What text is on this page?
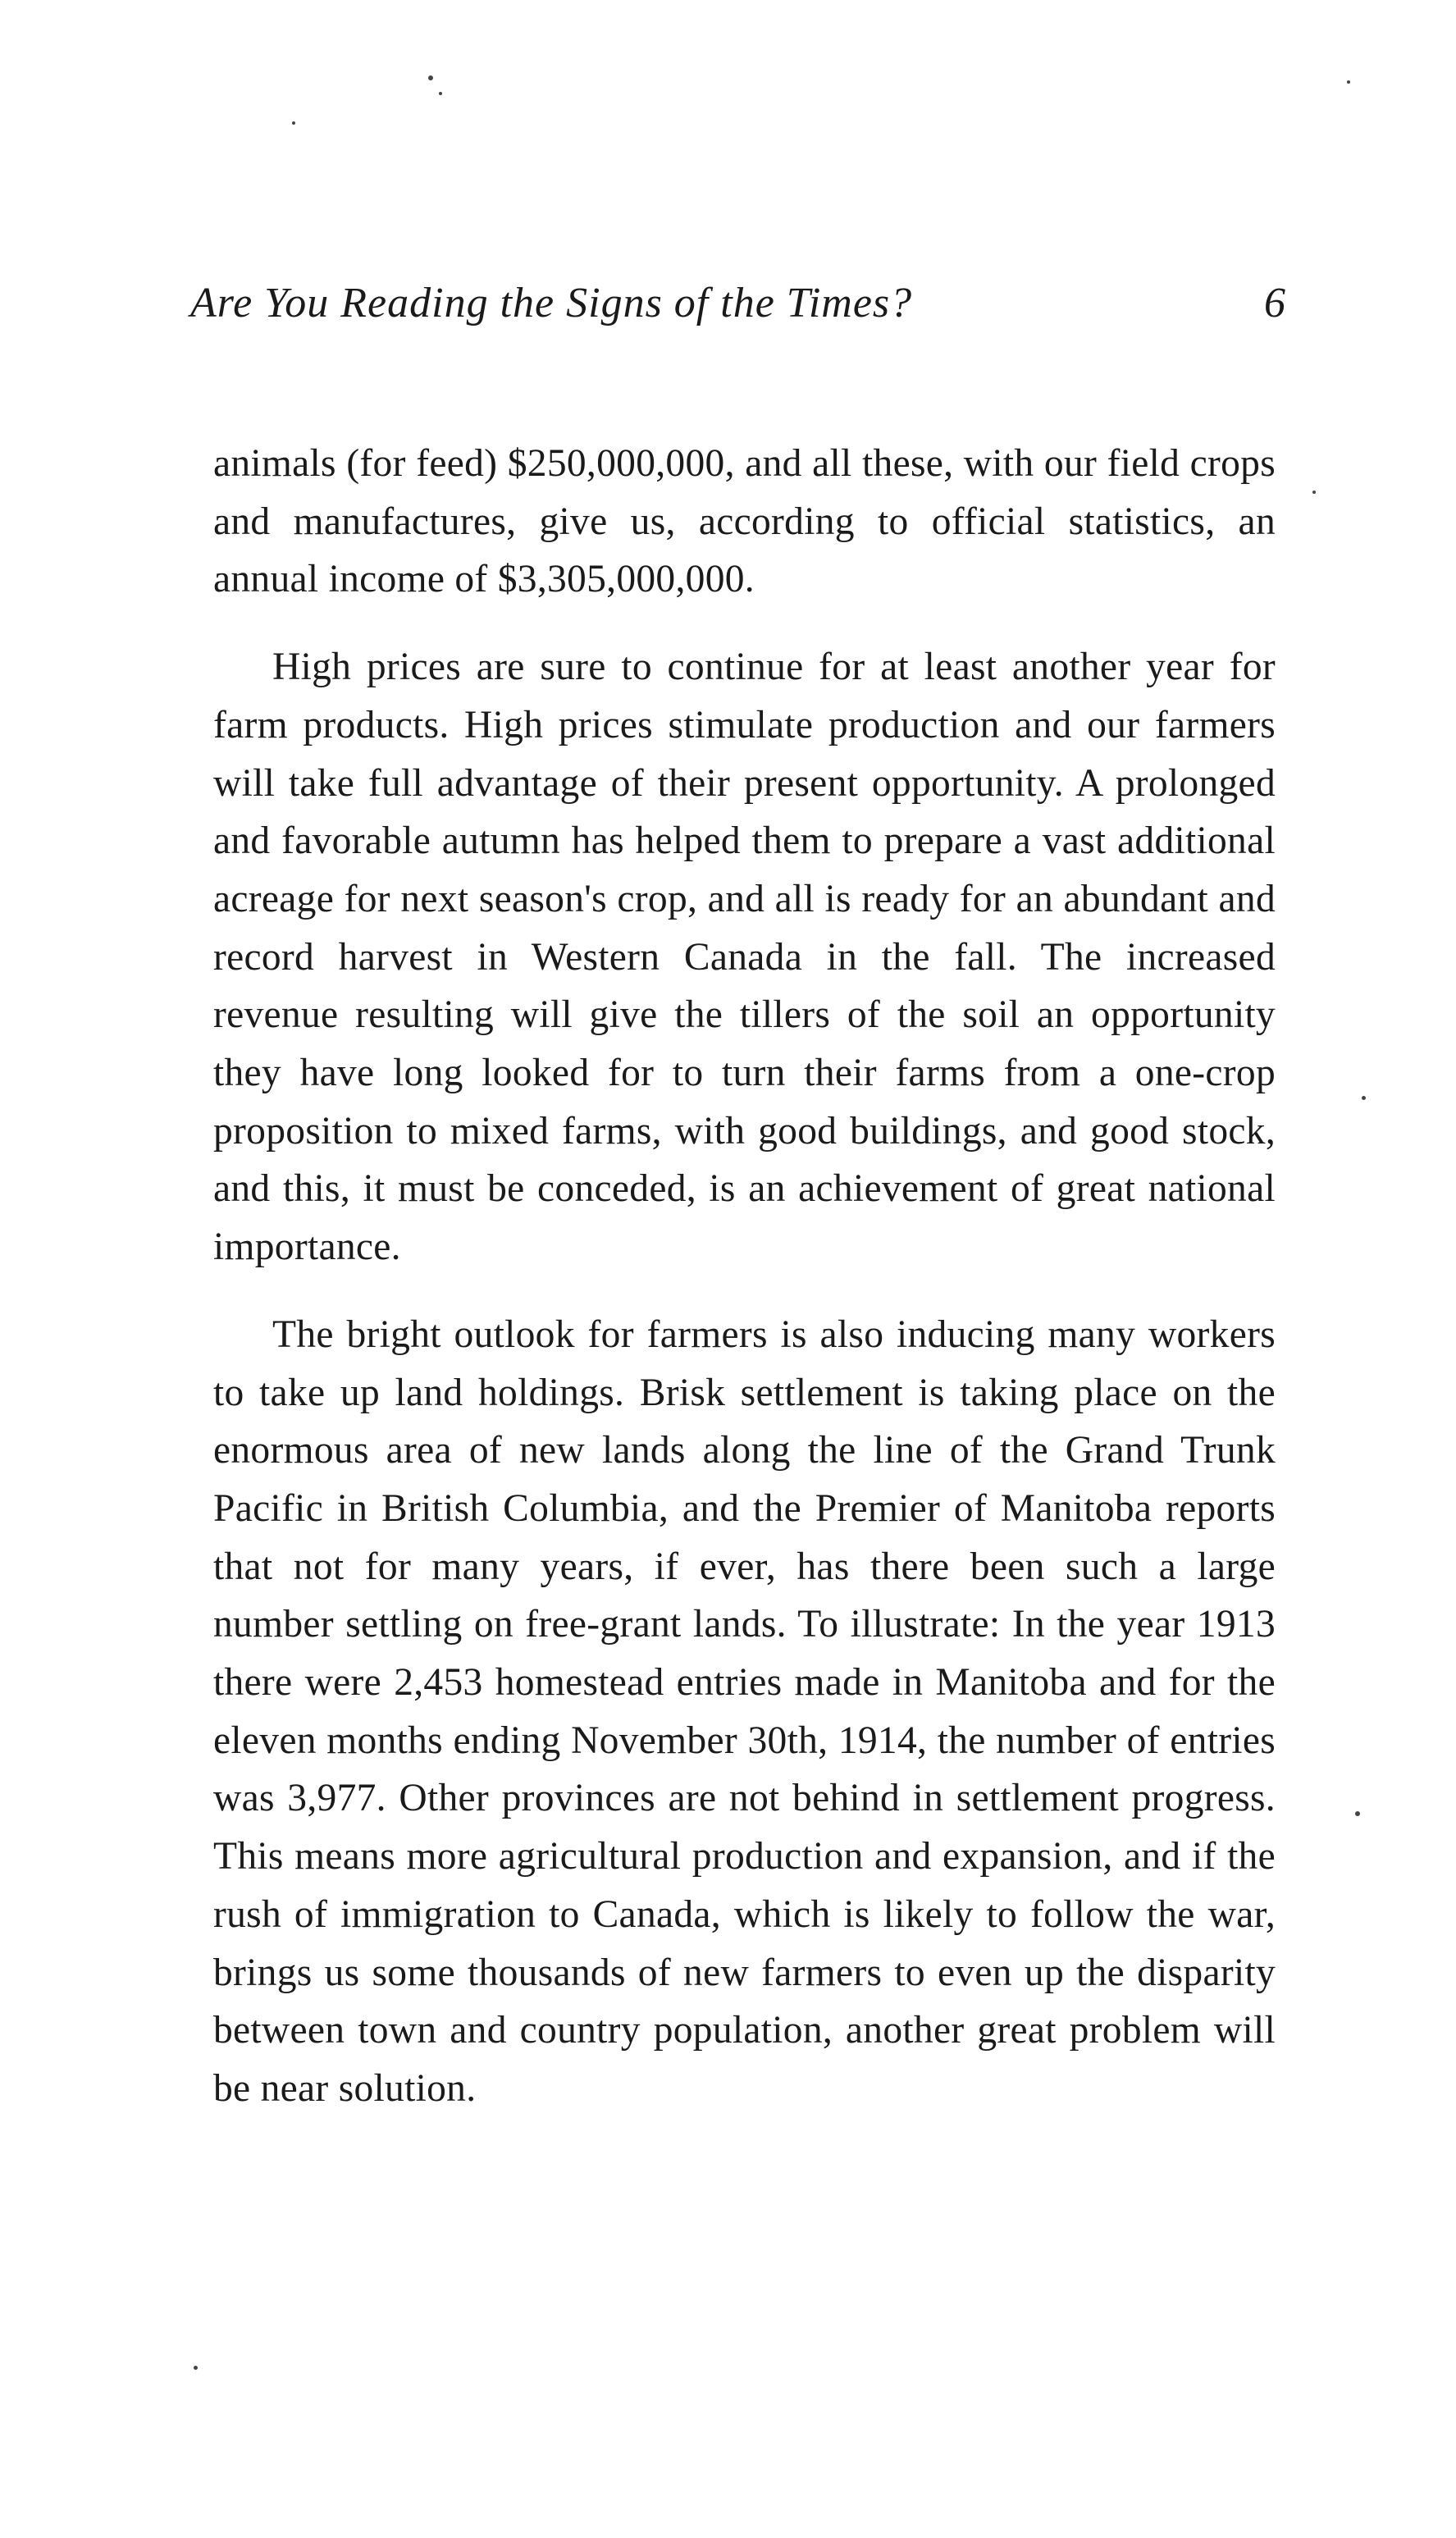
Are You Reading the Signs of the Times?	6

animals (for feed) $250,000,000, and all these, with our field crops and manufactures, give us, according to official statistics, an annual income of $3,305,000,000.

High prices are sure to continue for at least another year for farm products. High prices stimulate production and our farmers will take full advantage of their present opportunity. A prolonged and favorable autumn has helped them to prepare a vast additional acreage for next season's crop, and all is ready for an abundant and record harvest in Western Canada in the fall. The increased revenue resulting will give the tillers of the soil an opportunity they have long looked for to turn their farms from a one-crop proposition to mixed farms, with good buildings, and good stock, and this, it must be conceded, is an achievement of great national importance.

The bright outlook for farmers is also inducing many workers to take up land holdings. Brisk settlement is taking place on the enormous area of new lands along the line of the Grand Trunk Pacific in British Columbia, and the Premier of Manitoba reports that not for many years, if ever, has there been such a large number settling on free-grant lands. To illustrate: In the year 1913 there were 2,453 homestead entries made in Manitoba and for the eleven months ending November 30th, 1914, the number of entries was 3,977. Other provinces are not behind in settlement progress. This means more agricultural production and expansion, and if the rush of immigration to Canada, which is likely to follow the war, brings us some thousands of new farmers to even up the disparity between town and country population, another great problem will be near solution.
